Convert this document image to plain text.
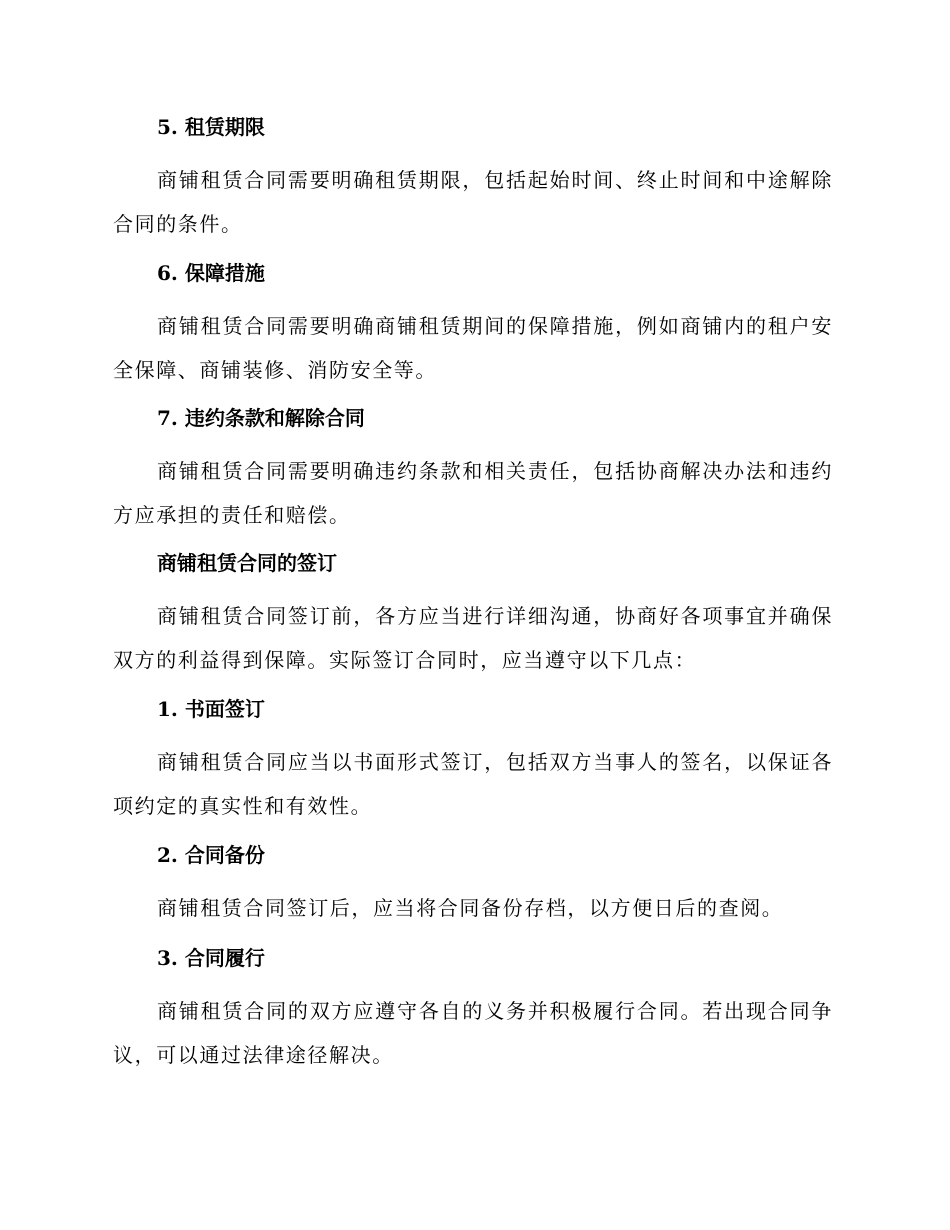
5. 租赁期限
商铺租赁合同需要明确租赁期限，包括起始时间、终止时间和中途解除合同的条件。
6. 保障措施
商铺租赁合同需要明确商铺租赁期间的保障措施，例如商铺内的租户安全保障、商铺装修、消防安全等。
7. 违约条款和解除合同
商铺租赁合同需要明确违约条款和相关责任，包括协商解决办法和违约方应承担的责任和赔偿。
商铺租赁合同的签订
商铺租赁合同签订前，各方应当进行详细沟通，协商好各项事宜并确保双方的利益得到保障。实际签订合同时，应当遵守以下几点：
1. 书面签订
商铺租赁合同应当以书面形式签订，包括双方当事人的签名，以保证各项约定的真实性和有效性。
2. 合同备份
商铺租赁合同签订后，应当将合同备份存档，以方便日后的查阅。
3. 合同履行
商铺租赁合同的双方应遵守各自的义务并积极履行合同。若出现合同争议，可以通过法律途径解决。
